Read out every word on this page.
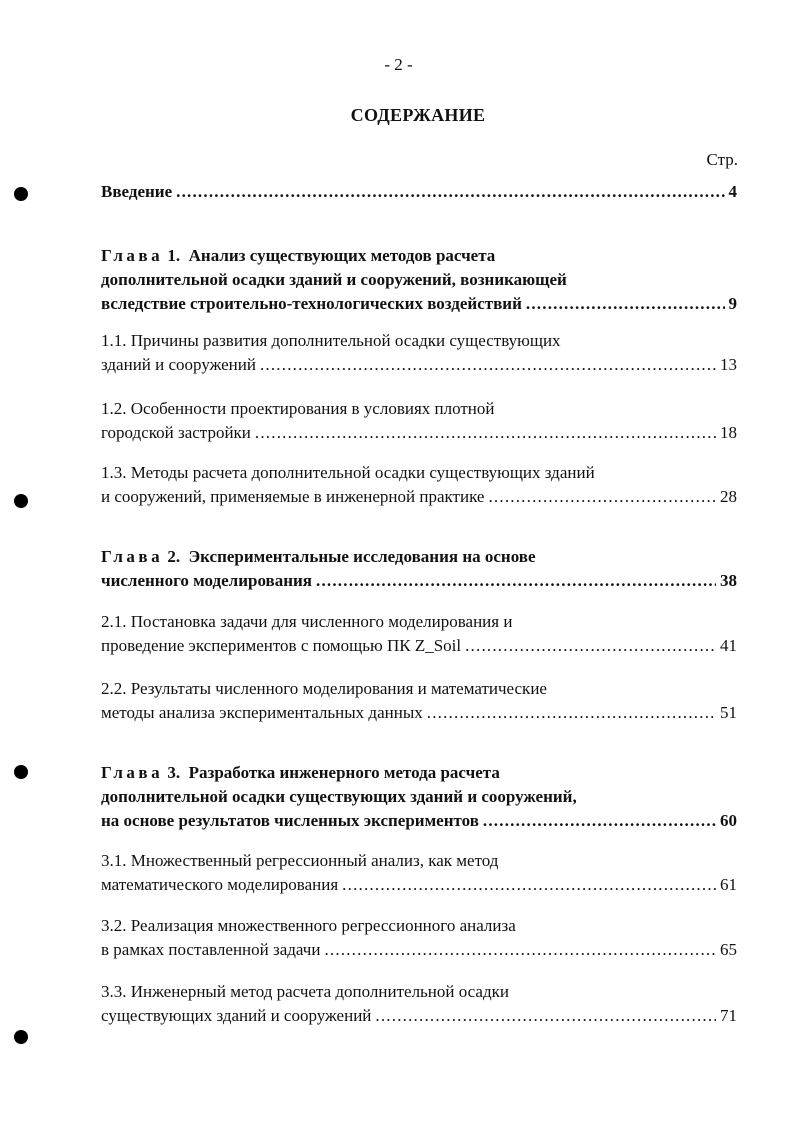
- 2 -
СОДЕРЖАНИЕ
Стр.
Введение .....	4
Глава 1. Анализ существующих методов расчета
дополнительной осадки зданий и сооружений, возникающей
вследствие строительно-технологических воздействий .....	9
1.1. Причины развития дополнительной осадки существующих
зданий и сооружений .....	13
1.2. Особенности проектирования в условиях плотной
городской застройки .....	18
1.3. Методы расчета дополнительной осадки существующих зданий
и сооружений, применяемые в инженерной практике .....	28
Глава 2. Экспериментальные исследования на основе
численного моделирования .....	38
2.1. Постановка задачи для численного моделирования и
проведение экспериментов с помощью ПК Z_Soil .....	41
2.2. Результаты численного моделирования и математические
методы анализа экспериментальных данных .....	51
Глава 3. Разработка инженерного метода расчета
дополнительной осадки существующих зданий и сооружений,
на основе результатов численных экспериментов .....	60
3.1. Множественный регрессионный анализ, как метод
математического моделирования .....	61
3.2. Реализация множественного регрессионного анализа
в рамках поставленной задачи .....	65
3.3. Инженерный метод расчета дополнительной осадки
существующих зданий и сооружений .....	71
